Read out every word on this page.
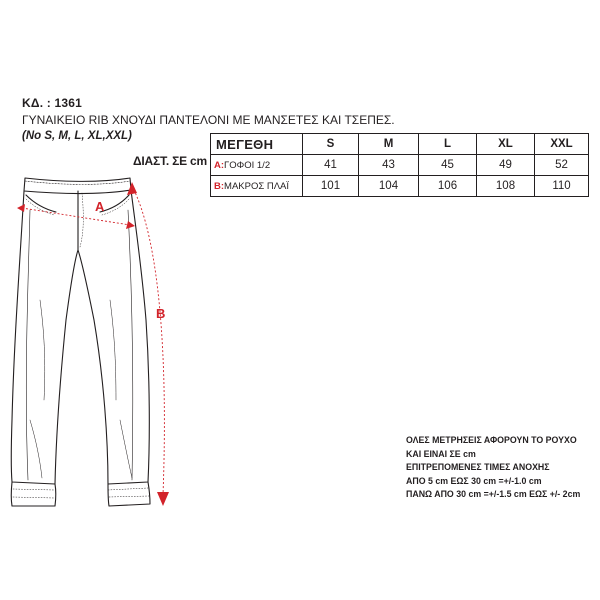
ΚΔ. : 1361
ΓΥΝΑΙΚΕΙΟ RIB ΧΝΟΥΔΙ ΠΑΝΤΕΛΟΝΙ ΜΕ ΜΑΝΣΕΤΕΣ ΚΑΙ ΤΣΕΠΕΣ.
(No S, M, L, XL,XXL)
ΔΙΑΣΤ. ΣΕ cm
ΜΕΓΕΘΗ	S	M	L	XL	XXL
A:ΓΟΦΟΙ 1/2	41	43	45	49	52
B:ΜΑΚΡΟΣ ΠΛΑΪ	101	104	106	108	110
A
B
ΟΛΕΣ ΜΕΤΡΗΣΕΙΣ ΑΦΟΡΟΥΝ ΤΟ ΡΟΥΧΟ
ΚΑΙ ΕΙΝΑΙ ΣΕ cm
ΕΠΙΤΡΕΠΟΜΕΝΕΣ ΤΙΜΕΣ ΑΝΟΧΗΣ
ΑΠΟ 5 cm ΕΩΣ 30 cm =+/-1.0 cm
ΠΑΝΩ ΑΠΟ 30 cm =+/-1.5 cm ΕΩΣ +/- 2cm
